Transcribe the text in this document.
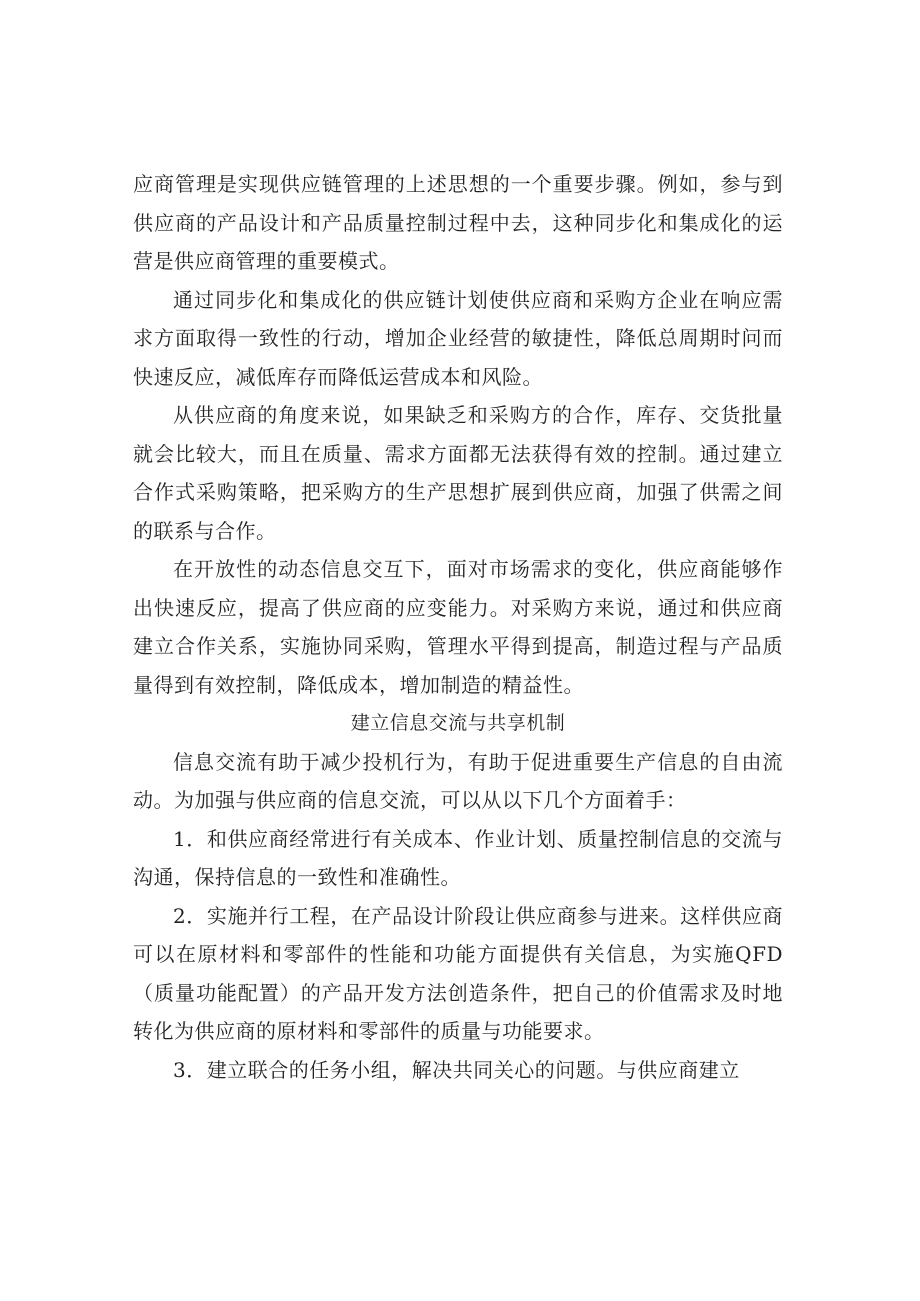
应商管理是实现供应链管理的上述思想的一个重要步骤。例如，参与到供应商的产品设计和产品质量控制过程中去，这种同步化和集成化的运营是供应商管理的重要模式。

通过同步化和集成化的供应链计划使供应商和采购方企业在响应需求方面取得一致性的行动，增加企业经营的敏捷性，降低总周期时问而快速反应，减低库存而降低运营成本和风险。

从供应商的角度来说，如果缺乏和采购方的合作，库存、交货批量就会比较大，而且在质量、需求方面都无法获得有效的控制。通过建立合作式采购策略，把采购方的生产思想扩展到供应商，加强了供需之间的联系与合作。

在开放性的动态信息交互下，面对市场需求的变化，供应商能够作出快速反应，提高了供应商的应变能力。对采购方来说，通过和供应商建立合作关系，实施协同采购，管理水平得到提高，制造过程与产品质量得到有效控制，降低成本，增加制造的精益性。

建立信息交流与共享机制

信息交流有助于减少投机行为，有助于促进重要生产信息的自由流动。为加强与供应商的信息交流，可以从以下几个方面着手：

1．和供应商经常进行有关成本、作业计划、质量控制信息的交流与沟通，保持信息的一致性和准确性。

2．实施并行工程，在产品设计阶段让供应商参与进来。这样供应商可以在原材料和零部件的性能和功能方面提供有关信息，为实施QFD（质量功能配置）的产品开发方法创造条件，把自己的价值需求及时地转化为供应商的原材料和零部件的质量与功能要求。

3．建立联合的任务小组，解决共同关心的问题。与供应商建立
